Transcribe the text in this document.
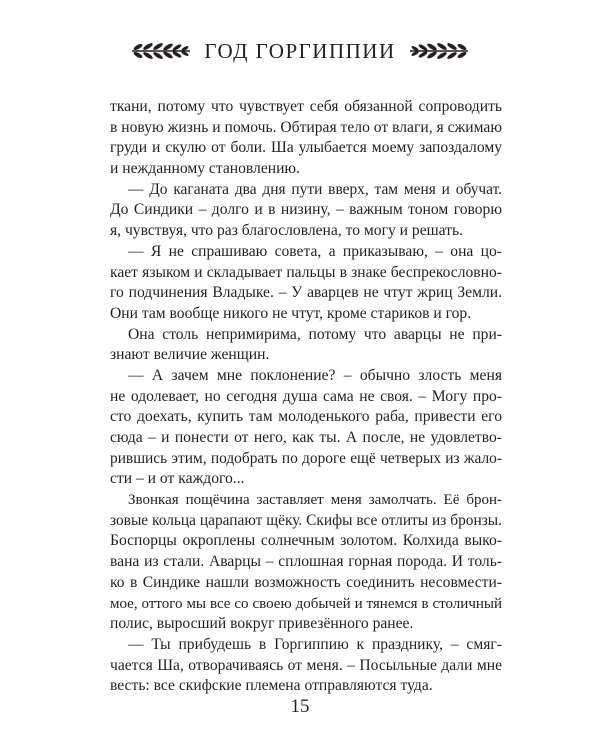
ГОД ГОРГИППИИ
ткани, потому что чувствует себя обязанной сопроводить
в новую жизнь и помочь. Обтирая тело от влаги, я сжимаю
груди и скулю от боли. Ша улыбается моему запоздалому
и нежданному становлению.
— До каганата два дня пути вверх, там меня и обучат.
До Синдики – долго и в низину, – важным тоном говорю
я, чувствуя, что раз благословлена, то могу и решать.
— Я не спрашиваю совета, а приказываю, – она цо-
кает языком и складывает пальцы в знаке беспрекословно-
го подчинения Владыке. – У аварцев не чтут жриц Земли.
Они там вообще никого не чтут, кроме стариков и гор.
Она столь непримирима, потому что аварцы не при-
знают величие женщин.
— А зачем мне поклонение? – обычно злость меня
не одолевает, но сегодня душа сама не своя. – Могу про-
сто доехать, купить там молоденького раба, привести его
сюда – и понести от него, как ты. А после, не удовлетво-
рившись этим, подобрать по дороге ещё четверых из жало-
сти – и от каждого...
Звонкая пощёчина заставляет меня замолчать. Её брон-
зовые кольца царапают щёку. Скифы все отлиты из бронзы.
Боспорцы окроплены солнечным золотом. Колхида выко-
вана из стали. Аварцы – сплошная горная порода. И толь-
ко в Синдике нашли возможность соединить несовмести-
мое, оттого мы все со своею добычей и тянемся в столичный
полис, выросший вокруг привезённого ранее.
— Ты прибудешь в Горгиппию к празднику, – смяг-
чается Ша, отворачиваясь от меня. – Посыльные дали мне
весть: все скифские племена отправляются туда.
15
